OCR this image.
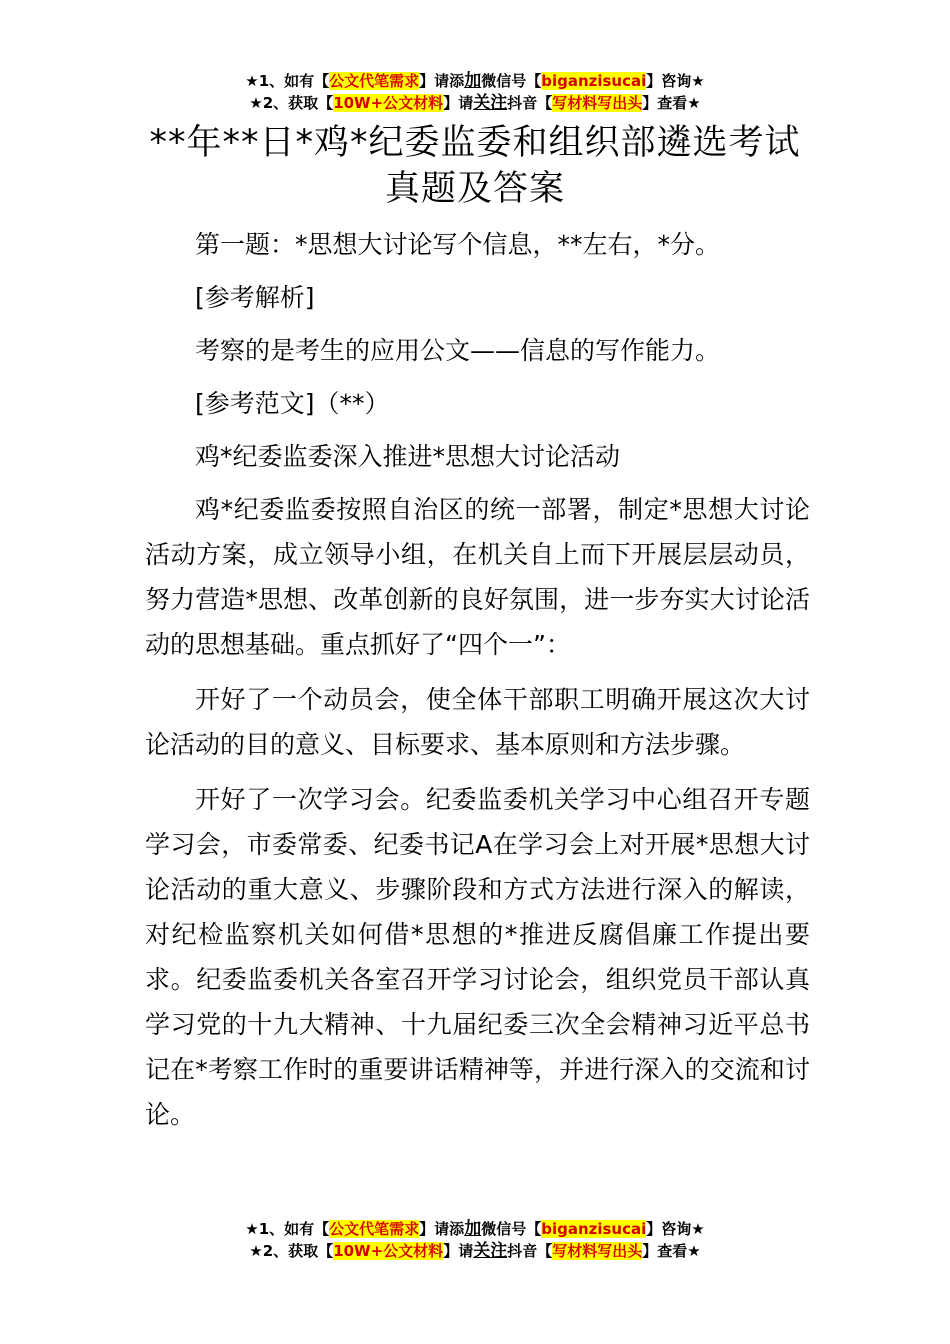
★1、如有【公文代笔需求】请添加微信号【biganzisucai】咨询★
★2、获取【10W+公文材料】请关注抖音【写材料写出头】查看★
**年**日*鸡*纪委监委和组织部遴选考试真题及答案

第一题：*思想大讨论写个信息，**左右，*分。

[参考解析]

考察的是考生的应用公文——信息的写作能力。

[参考范文]（**）

鸡*纪委监委深入推进*思想大讨论活动

鸡*纪委监委按照自治区的统一部署，制定*思想大讨论活动方案，成立领导小组，在机关自上而下开展层层动员，努力营造*思想、改革创新的良好氛围，进一步夯实大讨论活动的思想基础。重点抓好了“四个一”：

开好了一个动员会，使全体干部职工明确开展这次大讨论活动的目的意义、目标要求、基本原则和方法步骤。

开好了一次学习会。纪委监委机关学习中心组召开专题学习会，市委常委、纪委书记A在学习会上对开展*思想大讨论活动的重大意义、步骤阶段和方式方法进行深入的解读，对纪检监察机关如何借*思想的*推进反腐倡廉工作提出要求。纪委监委机关各室召开学习讨论会，组织党员干部认真学习党的十九大精神、十九届纪委三次全会精神习近平总书记在*考察工作时的重要讲话精神等，并进行深入的交流和讨论。

★1、如有【公文代笔需求】请添加微信号【biganzisucai】咨询★
★2、获取【10W+公文材料】请关注抖音【写材料写出头】查看★
